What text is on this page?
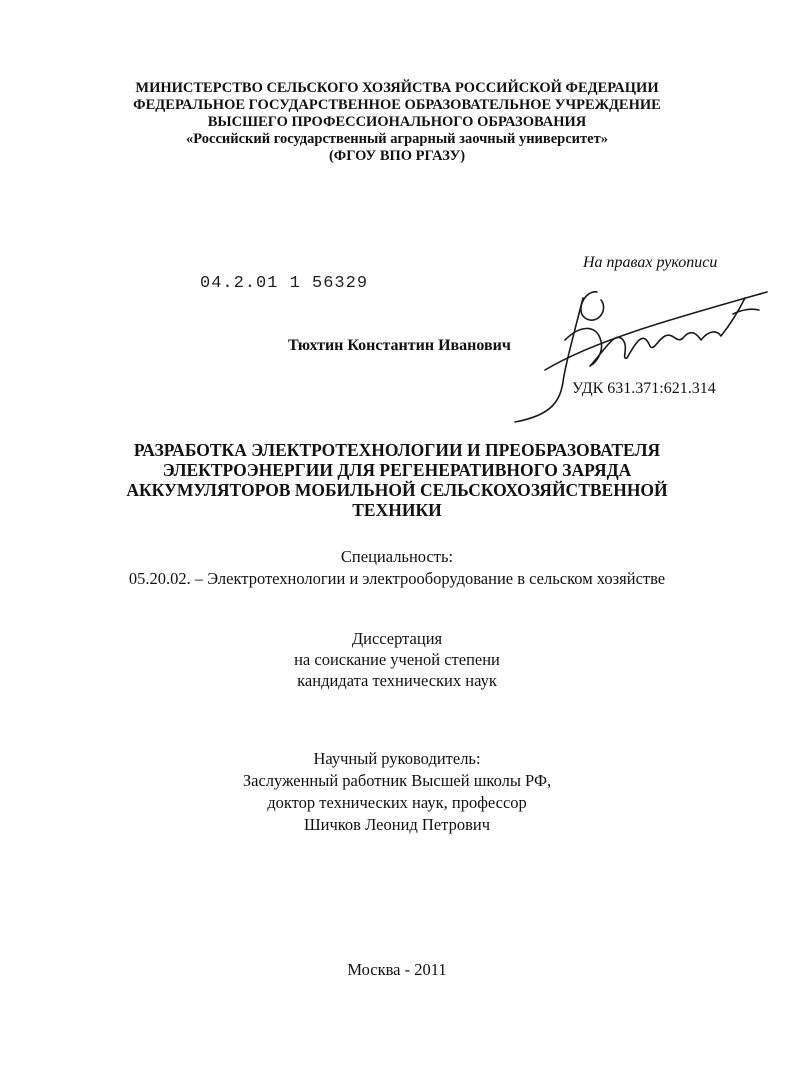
МИНИСТЕРСТВО СЕЛЬСКОГО ХОЗЯЙСТВА РОССИЙСКОЙ ФЕДЕРАЦИИ
ФЕДЕРАЛЬНОЕ ГОСУДАРСТВЕННОЕ ОБРАЗОВАТЕЛЬНОЕ УЧРЕЖДЕНИЕ
ВЫСШЕГО ПРОФЕССИОНАЛЬНОГО ОБРАЗОВАНИЯ
«Российский государственный аграрный заочный университет»
(ФГОУ ВПО РГАЗУ)
04.2.01 1 56329
На правах рукописи
Тюхтин Константин Иванович
УДК 631.371:621.314
РАЗРАБОТКА ЭЛЕКТРОТЕХНОЛОГИИ И ПРЕОБРАЗОВАТЕЛЯ
ЭЛЕКТРОЭНЕРГИИ ДЛЯ РЕГЕНЕРАТИВНОГО ЗАРЯДА
АККУМУЛЯТОРОВ МОБИЛЬНОЙ СЕЛЬСКОХОЗЯЙСТВЕННОЙ
ТЕХНИКИ
Специальность:
05.20.02. – Электротехнологии и электрооборудование в сельском хозяйстве
Диссертация
на соискание ученой степени
кандидата технических наук
Научный руководитель:
Заслуженный работник Высшей школы РФ,
доктор технических наук, профессор
Шичков Леонид Петрович
Москва - 2011
